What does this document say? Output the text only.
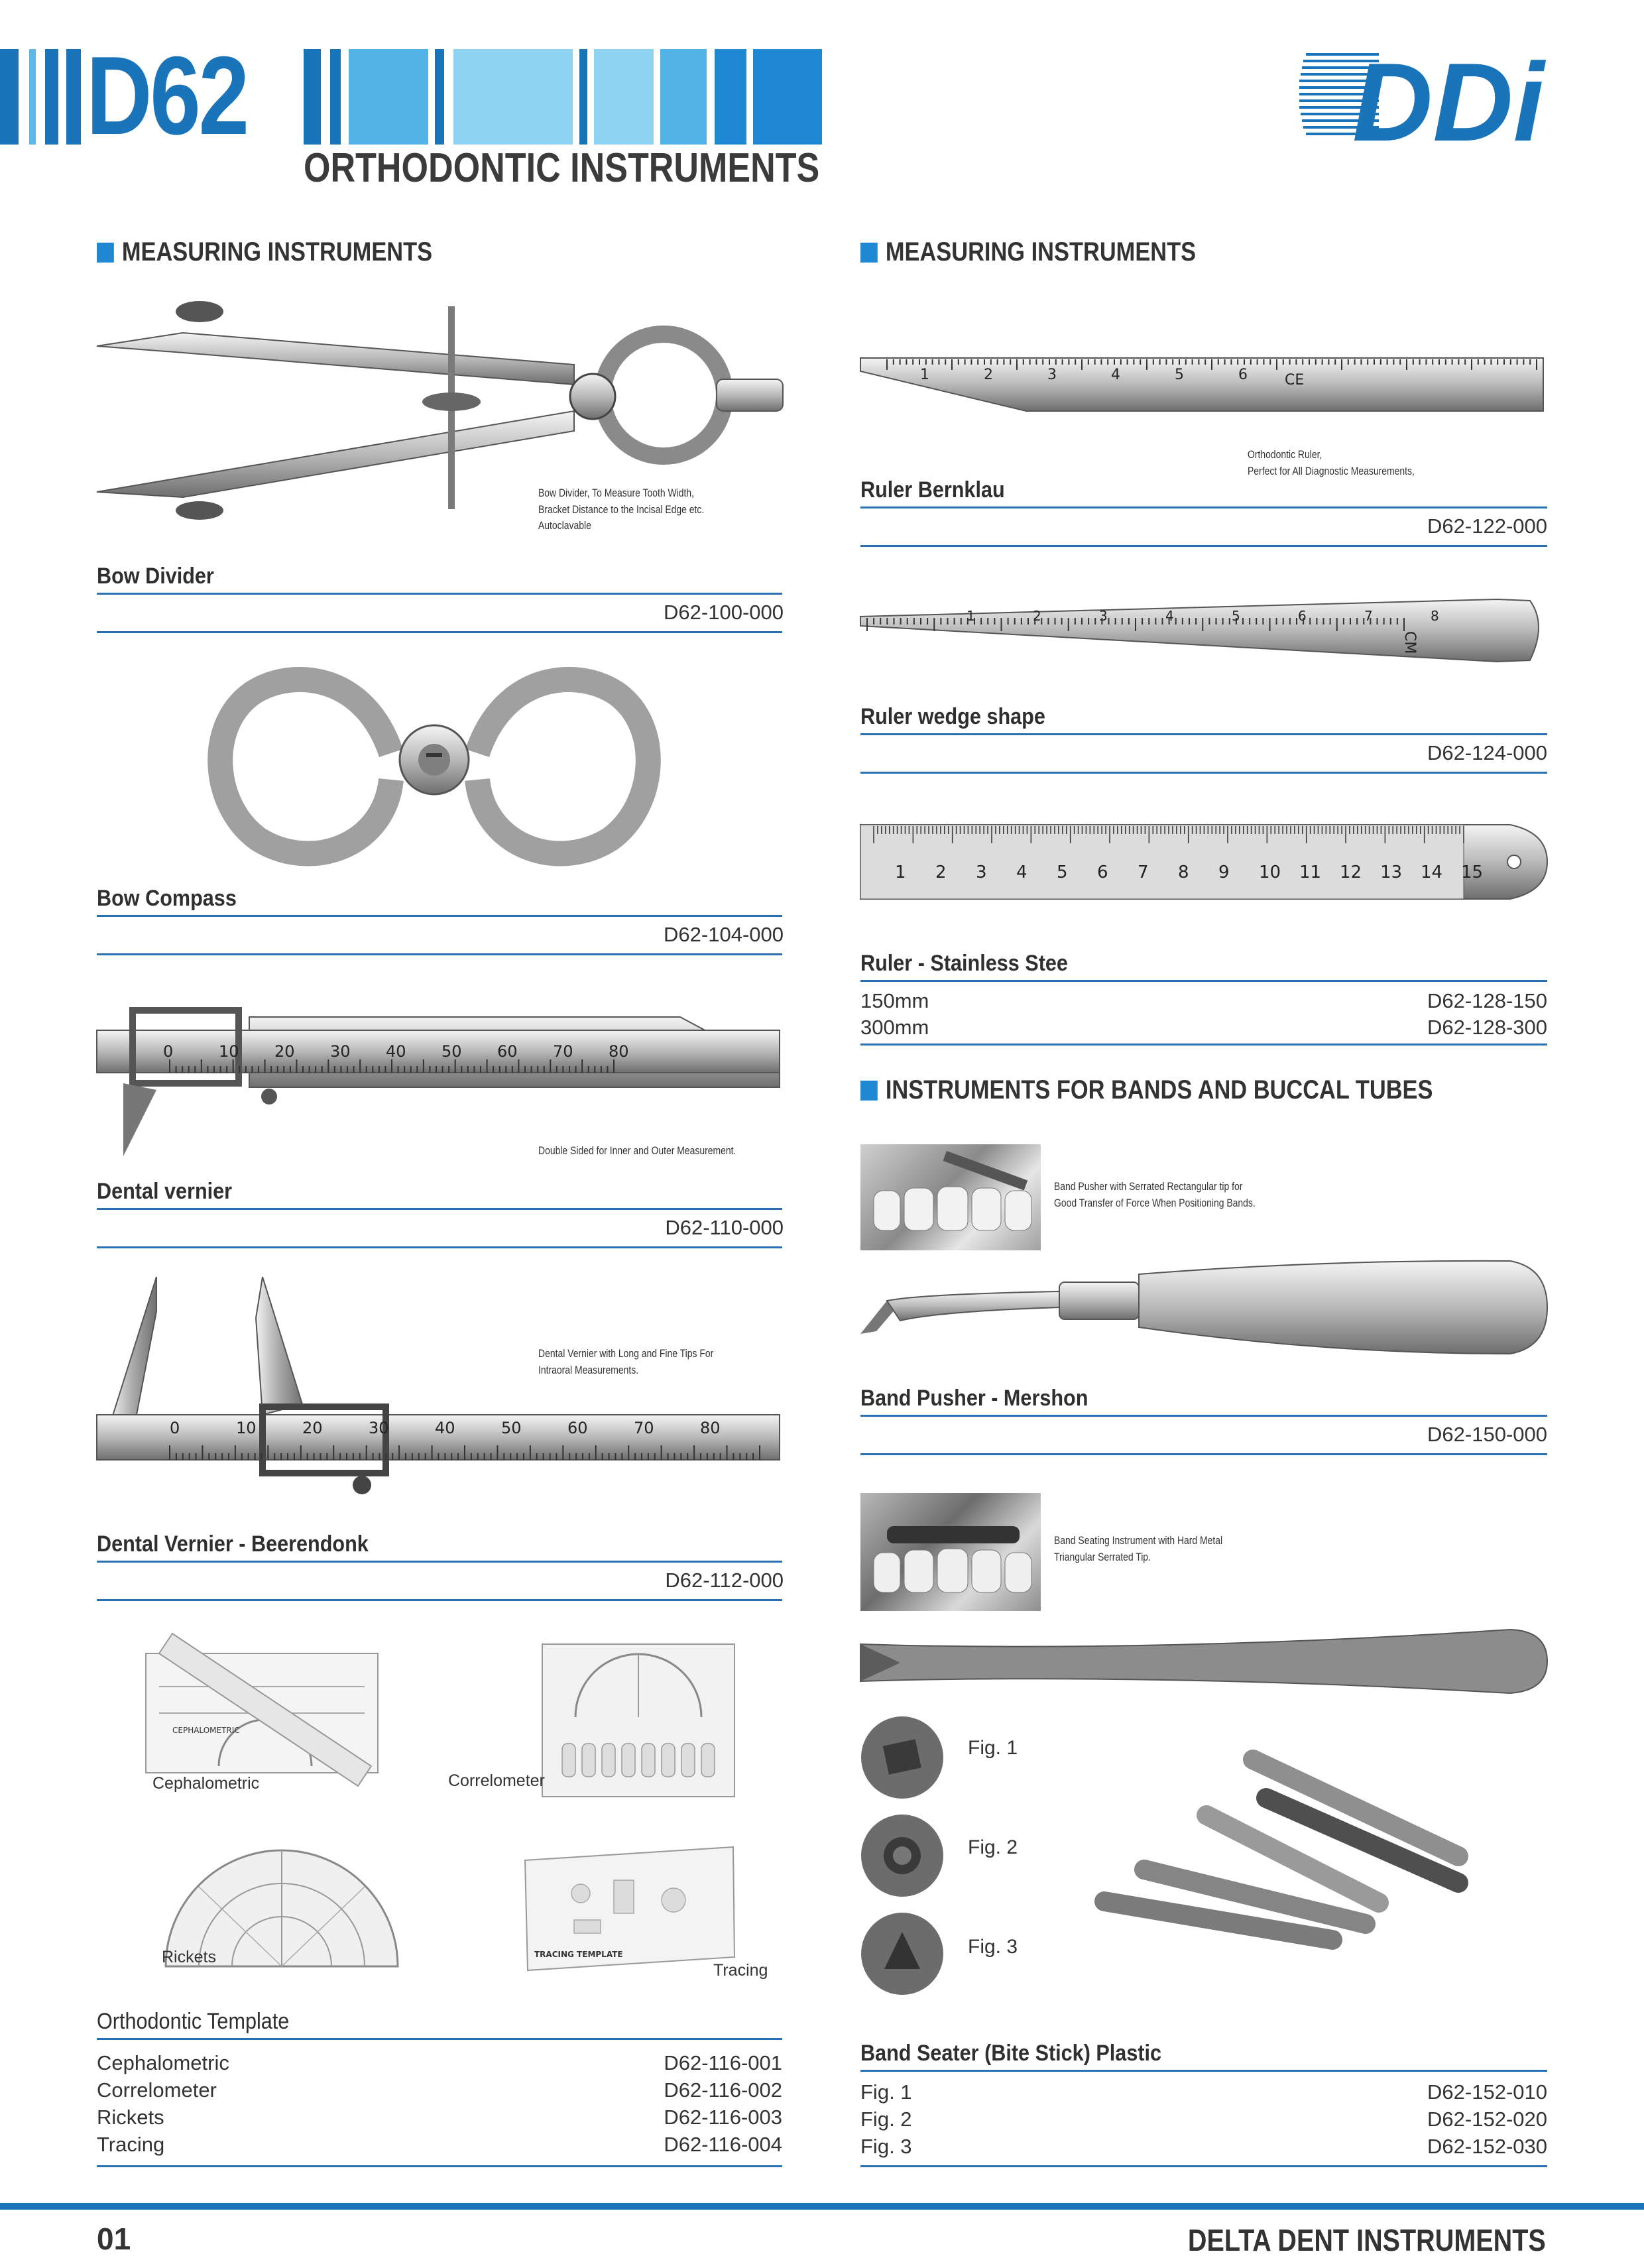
D62
ORTHODONTIC INSTRUMENTS
DDi
MEASURING INSTRUMENTS
Bow Divider, To Measure Tooth Width,
Bracket Distance to the Incisal Edge etc.
Autoclavable
Bow Divider
D62-100-000
Bow Compass
D62-104-000
0	10 20 30 40 50 60 70 80
Double Sided for Inner and Outer Measurement.
Dental vernier
D62-110-000
0	10	20	30	40	50	60	70	80
Dental Vernier with Long and Fine Tips For
Intraoral Measurements.
Dental Vernier - Beerendonk
D62-112-000
CEPHALOMETRIC
Cephalometric	Correlometer
Rickets	TRACING TEMPLATE
Tracing
Orthodontic Template
Cephalometric	D62-116-001
Correlometer	D62-116-002
Rickets	D62-116-003
Tracing	D62-116-004
MEASURING INSTRUMENTS
1	2	3	4	5	6	CE
Orthodontic Ruler,
Perfect for All Diagnostic Measurements,
Ruler Bernklau
D62-122-000
1	2	3	4	5	6	7	8
CM
Ruler wedge shape
D62-124-000
1 2 3 4 5 6 7 8 9 10 11 12 13 14 15
Ruler - Stainless Stee
150mm	D62-128-150
300mm	D62-128-300
INSTRUMENTS FOR BANDS AND BUCCAL TUBES
Band Pusher with Serrated Rectangular tip for
Good Transfer of Force When Positioning Bands.
Band Pusher - Mershon
D62-150-000
Band Seating Instrument with Hard Metal
Triangular Serrated Tip.
Fig. 1
Fig. 2
Fig. 3
Band Seater (Bite Stick) Plastic
Fig. 1	D62-152-010
Fig. 2	D62-152-020
Fig. 3	D62-152-030
01	DELTA DENT INSTRUMENTS
